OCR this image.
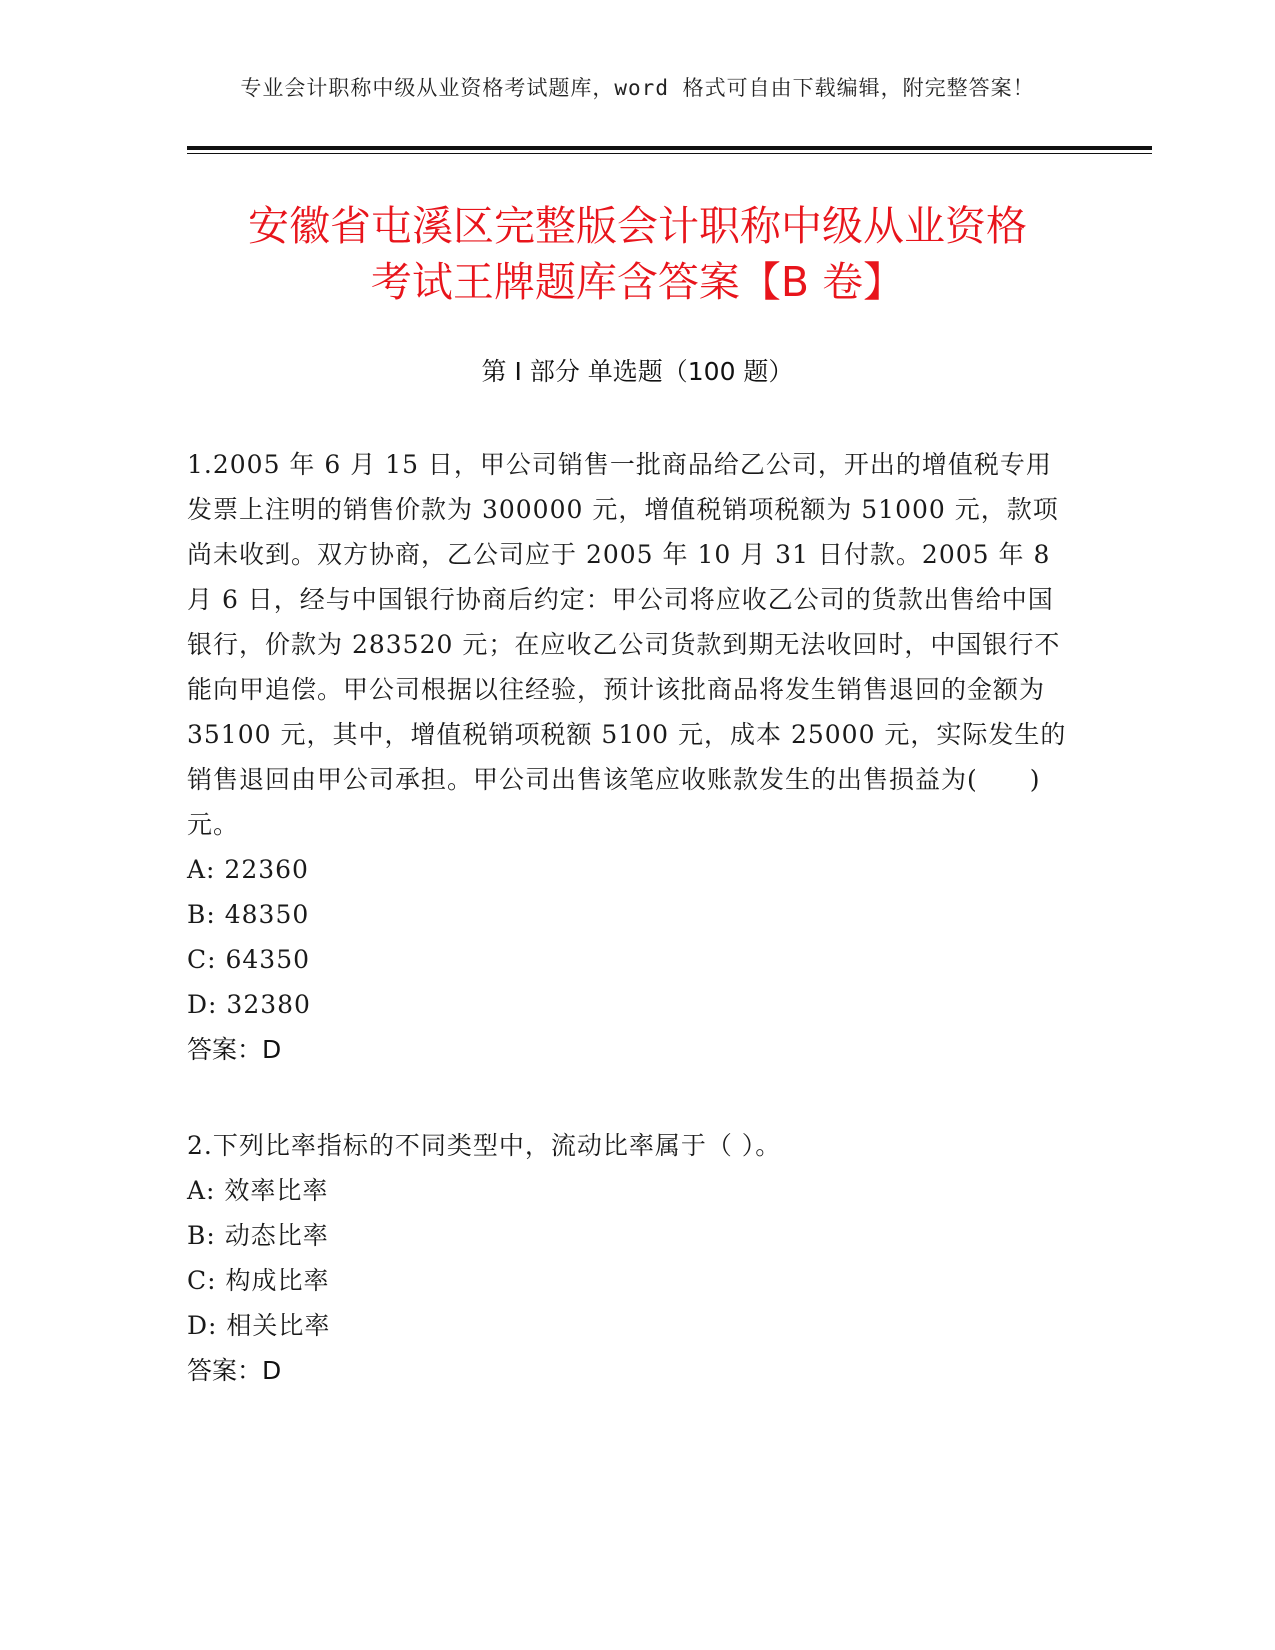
专业会计职称中级从业资格考试题库，word 格式可自由下载编辑，附完整答案！
安徽省屯溪区完整版会计职称中级从业资格
考试王牌题库含答案【B 卷】
第 I 部分 单选题（100 题）

1.2005 年 6 月 15 日，甲公司销售一批商品给乙公司，开出的增值税专用发票上注明的销售价款为 300000 元，增值税销项税额为 51000 元，款项尚未收到。双方协商，乙公司应于 2005 年 10 月 31 日付款。2005 年 8 月 6 日，经与中国银行协商后约定：甲公司将应收乙公司的货款出售给中国银行，价款为 283520 元；在应收乙公司货款到期无法收回时，中国银行不能向甲追偿。甲公司根据以往经验，预计该批商品将发生销售退回的金额为 35100 元，其中，增值税销项税额 5100 元，成本 25000 元，实际发生的销售退回由甲公司承担。甲公司出售该笔应收账款发生的出售损益为(　　)元。

A: 22360
B: 48350
C: 64350
D: 32380
答案：D

2.下列比率指标的不同类型中，流动比率属于（ ）。

A: 效率比率
B: 动态比率
C: 构成比率
D: 相关比率
答案：D
